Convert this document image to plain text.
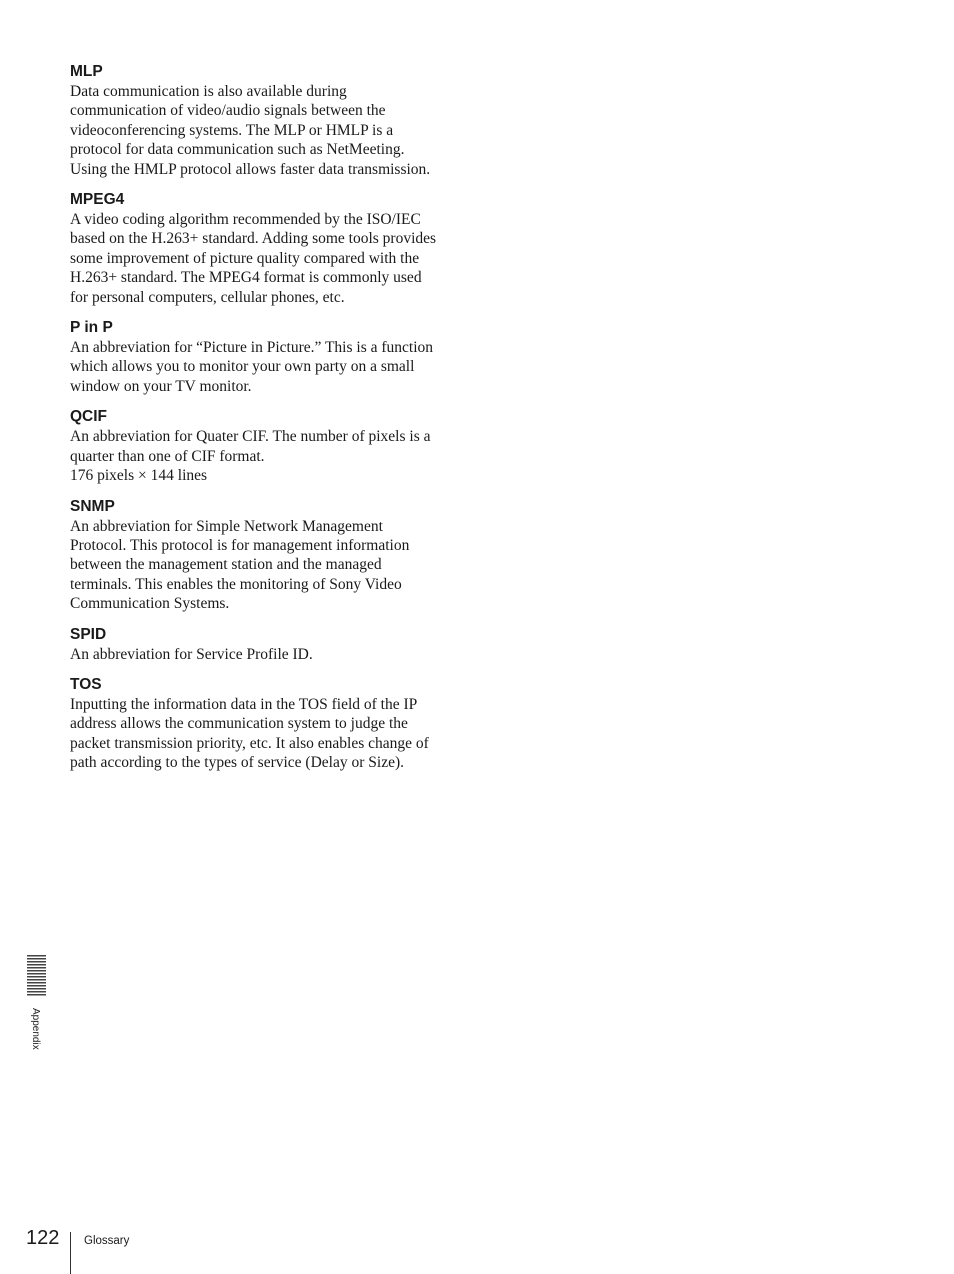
MLP

Data communication is also available during
communication of video/audio signals between the
videoconferencing systems. The MLP or HMLP is a
protocol for data communication such as NetMeeting.
Using the HMLP protocol allows faster data transmission.

MPEG4

A video coding algorithm recommended by the ISO/IEC
based on the H.263+ standard. Adding some tools provides
some improvement of picture quality compared with the
H.263+ standard. The MPEG4 format is commonly used
for personal computers, cellular phones, etc.

P in P

An abbreviation for “Picture in Picture.” This is a function
which allows you to monitor your own party on a small
window on your TV monitor.

QCIF

An abbreviation for Quater CIF. The number of pixels is a
quarter than one of CIF format.
176 pixels × 144 lines

SNMP

An abbreviation for Simple Network Management
Protocol. This protocol is for management information
between the management station and the managed
terminals. This enables the monitoring of Sony Video
Communication Systems.

SPID

An abbreviation for Service Profile ID.

TOS

Inputting the information data in the TOS field of the IP
address allows the communication system to judge the
packet transmission priority, etc. It also enables change of
path according to the types of service (Delay or Size).

Appendix
122 Glossary
